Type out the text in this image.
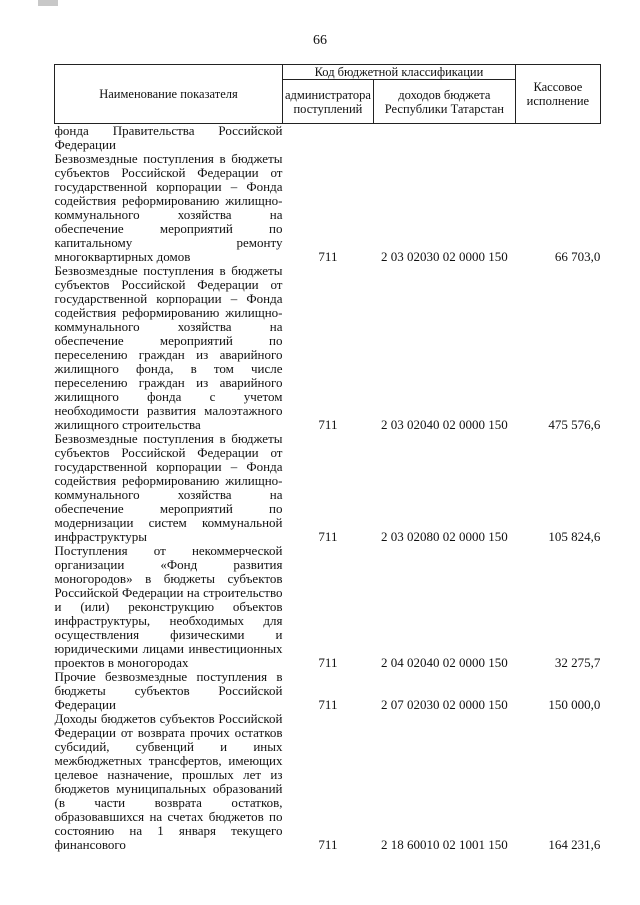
66
Наименование показателя	Код бюджетной классификации		Кассовое исполнение
	администратора поступлений	доходов бюджета Республики Татарстан	
фонда Правительства Российской Федерации			
Безвозмездные поступления в бюджеты субъектов Российской Федерации от государственной корпорации – Фонда содействия реформированию жилищно-коммунального хозяйства на обеспечение мероприятий по капитальному ремонту многоквартирных домов	711	2 03 02030 02 0000 150	66 703,0
Безвозмездные поступления в бюджеты субъектов Российской Федерации от государственной корпорации – Фонда содействия реформированию жилищно-коммунального хозяйства на обеспечение мероприятий по переселению граждан из аварийного жилищного фонда, в том числе переселению граждан из аварийного жилищного фонда с учетом необходимости развития малоэтажного жилищного строительства	711	2 03 02040 02 0000 150	475 576,6
Безвозмездные поступления в бюджеты субъектов Российской Федерации от государственной корпорации – Фонда содействия реформированию жилищно-коммунального хозяйства на обеспечение мероприятий по модернизации систем коммунальной инфраструктуры	711	2 03 02080 02 0000 150	105 824,6
Поступления от некоммерческой организации «Фонд развития моногородов» в бюджеты субъектов Российской Федерации на строительство и (или) реконструкцию объектов инфраструктуры, необходимых для осуществления физическими и юридическими лицами инвестиционных проектов в моногородах	711	2 04 02040 02 0000 150	32 275,7
Прочие безвозмездные поступления в бюджеты субъектов Российской Федерации	711	2 07 02030 02 0000 150	150 000,0
Доходы бюджетов субъектов Российской Федерации от возврата прочих остатков субсидий, субвенций и иных межбюджетных трансфертов, имеющих целевое назначение, прошлых лет из бюджетов муниципальных образований (в части возврата остатков, образовавшихся на счетах бюджетов по состоянию на 1 января текущего финансового	711	2 18 60010 02 1001 150	164 231,6
